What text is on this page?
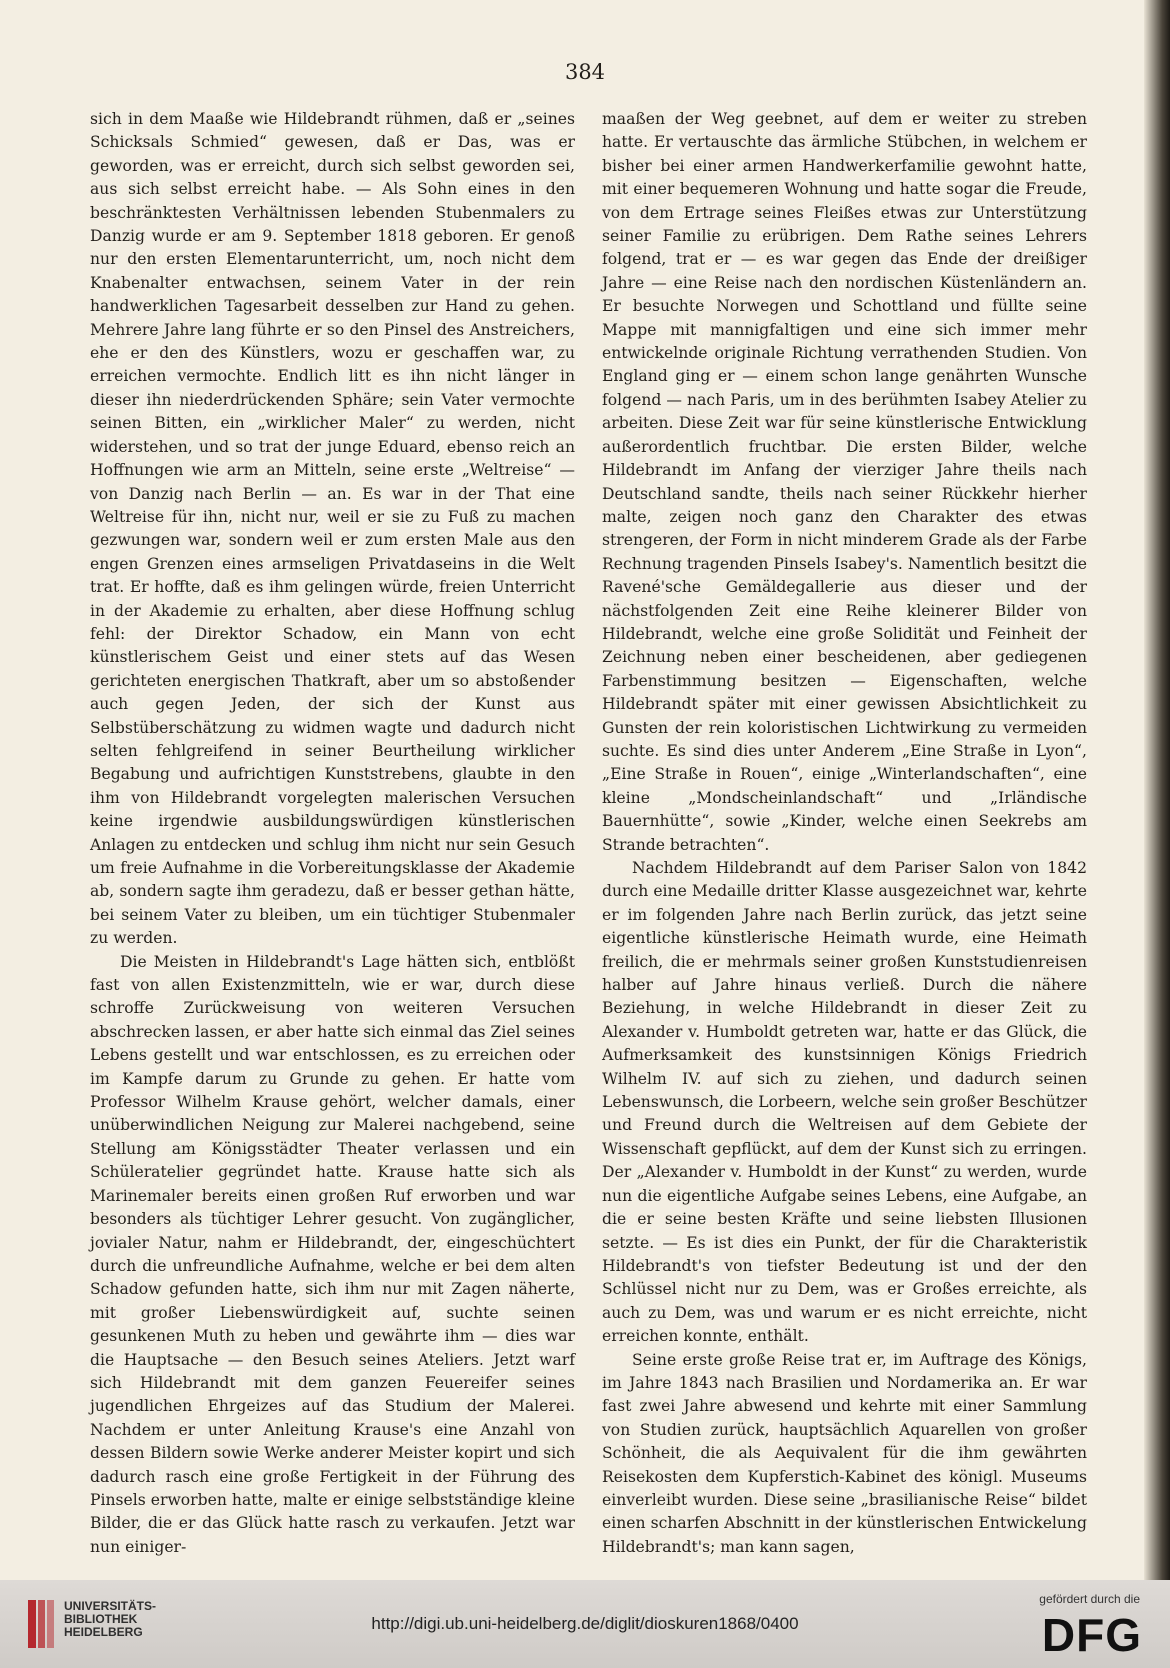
384

sich in dem Maaße wie Hildebrandt rühmen, daß er „seines Schicksals Schmied“ gewesen, daß er Das, was er geworden, was er erreicht, durch sich selbst geworden sei, aus sich selbst erreicht habe. — Als Sohn eines in den beschränktesten Verhältnissen lebenden Stubenmalers zu Danzig wurde er am 9. September 1818 geboren. Er genoß nur den ersten Elementarunterricht, um, noch nicht dem Knabenalter entwachsen, seinem Vater in der rein handwerklichen Tagesarbeit desselben zur Hand zu gehen. Mehrere Jahre lang führte er so den Pinsel des Anstreichers, ehe er den des Künstlers, wozu er geschaffen war, zu erreichen vermochte. Endlich litt es ihn nicht länger in dieser ihn niederdrückenden Sphäre; sein Vater vermochte seinen Bitten, ein „wirklicher Maler“ zu werden, nicht widerstehen, und so trat der junge Eduard, ebenso reich an Hoffnungen wie arm an Mitteln, seine erste „Weltreise“ — von Danzig nach Berlin — an. Es war in der That eine Weltreise für ihn, nicht nur, weil er sie zu Fuß zu machen gezwungen war, sondern weil er zum ersten Male aus den engen Grenzen eines armseligen Privatdaseins in die Welt trat. Er hoffte, daß es ihm gelingen würde, freien Unterricht in der Akademie zu erhalten, aber diese Hoffnung schlug fehl: der Direktor Schadow, ein Mann von echt künstlerischem Geist und einer stets auf das Wesen gerichteten energischen Thatkraft, aber um so abstoßender auch gegen Jeden, der sich der Kunst aus Selbstüberschätzung zu widmen wagte und dadurch nicht selten fehlgreifend in seiner Beurtheilung wirklicher Begabung und aufrichtigen Kunststrebens, glaubte in den ihm von Hildebrandt vorgelegten malerischen Versuchen keine irgendwie ausbildungswürdigen künstlerischen Anlagen zu entdecken und schlug ihm nicht nur sein Gesuch um freie Aufnahme in die Vorbereitungsklasse der Akademie ab, sondern sagte ihm geradezu, daß er besser gethan hätte, bei seinem Vater zu bleiben, um ein tüchtiger Stubenmaler zu werden.

Die Meisten in Hildebrandt's Lage hätten sich, entblößt fast von allen Existenzmitteln, wie er war, durch diese schroffe Zurückweisung von weiteren Versuchen abschrecken lassen, er aber hatte sich einmal das Ziel seines Lebens gestellt und war entschlossen, es zu erreichen oder im Kampfe darum zu Grunde zu gehen. Er hatte vom Professor Wilhelm Krause gehört, welcher damals, einer unüberwindlichen Neigung zur Malerei nachgebend, seine Stellung am Königsstädter Theater verlassen und ein Schüleratelier gegründet hatte. Krause hatte sich als Marinemaler bereits einen großen Ruf erworben und war besonders als tüchtiger Lehrer gesucht. Von zugänglicher, jovialer Natur, nahm er Hildebrandt, der, eingeschüchtert durch die unfreundliche Aufnahme, welche er bei dem alten Schadow gefunden hatte, sich ihm nur mit Zagen näherte, mit großer Liebenswürdigkeit auf, suchte seinen gesunkenen Muth zu heben und gewährte ihm — dies war die Hauptsache — den Besuch seines Ateliers. Jetzt warf sich Hildebrandt mit dem ganzen Feuereifer seines jugendlichen Ehrgeizes auf das Studium der Malerei. Nachdem er unter Anleitung Krause's eine Anzahl von dessen Bildern sowie Werke anderer Meister kopirt und sich dadurch rasch eine große Fertigkeit in der Führung des Pinsels erworben hatte, malte er einige selbstständige kleine Bilder, die er das Glück hatte rasch zu verkaufen. Jetzt war nun einiger-

maaßen der Weg geebnet, auf dem er weiter zu streben hatte. Er vertauschte das ärmliche Stübchen, in welchem er bisher bei einer armen Handwerkerfamilie gewohnt hatte, mit einer bequemeren Wohnung und hatte sogar die Freude, von dem Ertrage seines Fleißes etwas zur Unterstützung seiner Familie zu erübrigen. Dem Rathe seines Lehrers folgend, trat er — es war gegen das Ende der dreißiger Jahre — eine Reise nach den nordischen Küstenländern an. Er besuchte Norwegen und Schottland und füllte seine Mappe mit mannigfaltigen und eine sich immer mehr entwickelnde originale Richtung verrathenden Studien. Von England ging er — einem schon lange genährten Wunsche folgend — nach Paris, um in des berühmten Isabey Atelier zu arbeiten. Diese Zeit war für seine künstlerische Entwicklung außerordentlich fruchtbar. Die ersten Bilder, welche Hildebrandt im Anfang der vierziger Jahre theils nach Deutschland sandte, theils nach seiner Rückkehr hierher malte, zeigen noch ganz den Charakter des etwas strengeren, der Form in nicht minderem Grade als der Farbe Rechnung tragenden Pinsels Isabey's. Namentlich besitzt die Ravené'sche Gemäldegallerie aus dieser und der nächstfolgenden Zeit eine Reihe kleinerer Bilder von Hildebrandt, welche eine große Solidität und Feinheit der Zeichnung neben einer bescheidenen, aber gediegenen Farbenstimmung besitzen — Eigenschaften, welche Hildebrandt später mit einer gewissen Absichtlichkeit zu Gunsten der rein koloristischen Lichtwirkung zu vermeiden suchte. Es sind dies unter Anderem „Eine Straße in Lyon“, „Eine Straße in Rouen“, einige „Winterlandschaften“, eine kleine „Mondscheinlandschaft“ und „Irländische Bauernhütte“, sowie „Kinder, welche einen Seekrebs am Strande betrachten“.

Nachdem Hildebrandt auf dem Pariser Salon von 1842 durch eine Medaille dritter Klasse ausgezeichnet war, kehrte er im folgenden Jahre nach Berlin zurück, das jetzt seine eigentliche künstlerische Heimath wurde, eine Heimath freilich, die er mehrmals seiner großen Kunststudienreisen halber auf Jahre hinaus verließ. Durch die nähere Beziehung, in welche Hildebrandt in dieser Zeit zu Alexander v. Humboldt getreten war, hatte er das Glück, die Aufmerksamkeit des kunstsinnigen Königs Friedrich Wilhelm IV. auf sich zu ziehen, und dadurch seinen Lebenswunsch, die Lorbeern, welche sein großer Beschützer und Freund durch die Weltreisen auf dem Gebiete der Wissenschaft gepflückt, auf dem der Kunst sich zu erringen. Der „Alexander v. Humboldt in der Kunst“ zu werden, wurde nun die eigentliche Aufgabe seines Lebens, eine Aufgabe, an die er seine besten Kräfte und seine liebsten Illusionen setzte. — Es ist dies ein Punkt, der für die Charakteristik Hildebrandt's von tiefster Bedeutung ist und der den Schlüssel nicht nur zu Dem, was er Großes erreichte, als auch zu Dem, was und warum er es nicht erreichte, nicht erreichen konnte, enthält.

Seine erste große Reise trat er, im Auftrage des Königs, im Jahre 1843 nach Brasilien und Nordamerika an. Er war fast zwei Jahre abwesend und kehrte mit einer Sammlung von Studien zurück, hauptsächlich Aquarellen von großer Schönheit, die als Aequivalent für die ihm gewährten Reisekosten dem Kupferstich-Kabinet des königl. Museums einverleibt wurden. Diese seine „brasilianische Reise“ bildet einen scharfen Abschnitt in der künstlerischen Entwickelung Hildebrandt's; man kann sagen,

UNIVERSITÄTS-
BIBLIOTHEK
HEIDELBERG	http://digi.ub.uni-heidelberg.de/diglit/dioskuren1868/0400
gefördert durch die
DFG
